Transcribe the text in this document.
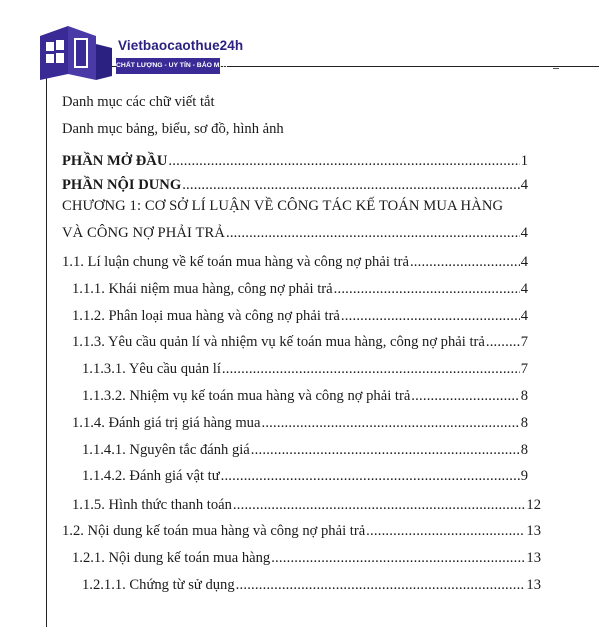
Vietbaocaothue24h
CHẤT LƯỢNG - UY TÍN - BẢO MẬT
Danh mục các chữ viết tắt
Danh mục bảng, biểu, sơ đồ, hình ảnh
PHẦN MỞ ĐẦU .....	1
PHẦN NỘI DUNG .....	4
CHƯƠNG 1: CƠ SỞ LÍ LUẬN VỀ CÔNG TÁC KẾ TOÁN MUA HÀNG
VÀ CÔNG NỢ PHẢI TRẢ .....	4
1.1. Lí luận chung về kế toán mua hàng và công nợ phải trả .....	4
1.1.1. Khái niệm mua hàng, công nợ phải trả .....	4
1.1.2. Phân loại mua hàng và công nợ phải trả .....	4
1.1.3. Yêu cầu quản lí và nhiệm vụ kế toán mua hàng, công nợ phải trả ..... 7
1.1.3.1. Yêu cầu quản lí .....	7
1.1.3.2. Nhiệm vụ kế toán mua hàng và công nợ phải trả .....	8
1.1.4. Đánh giá trị giá hàng mua .....	8
1.1.4.1. Nguyên tắc đánh giá .....	8
1.1.4.2. Đánh giá vật tư .....	9
1.1.5. Hình thức thanh toán .....	12
1.2. Nội dung kế toán mua hàng và công nợ phải trả .....	13
1.2.1. Nội dung kế toán mua hàng .....	13
1.2.1.1. Chứng từ sử dụng .....	13
